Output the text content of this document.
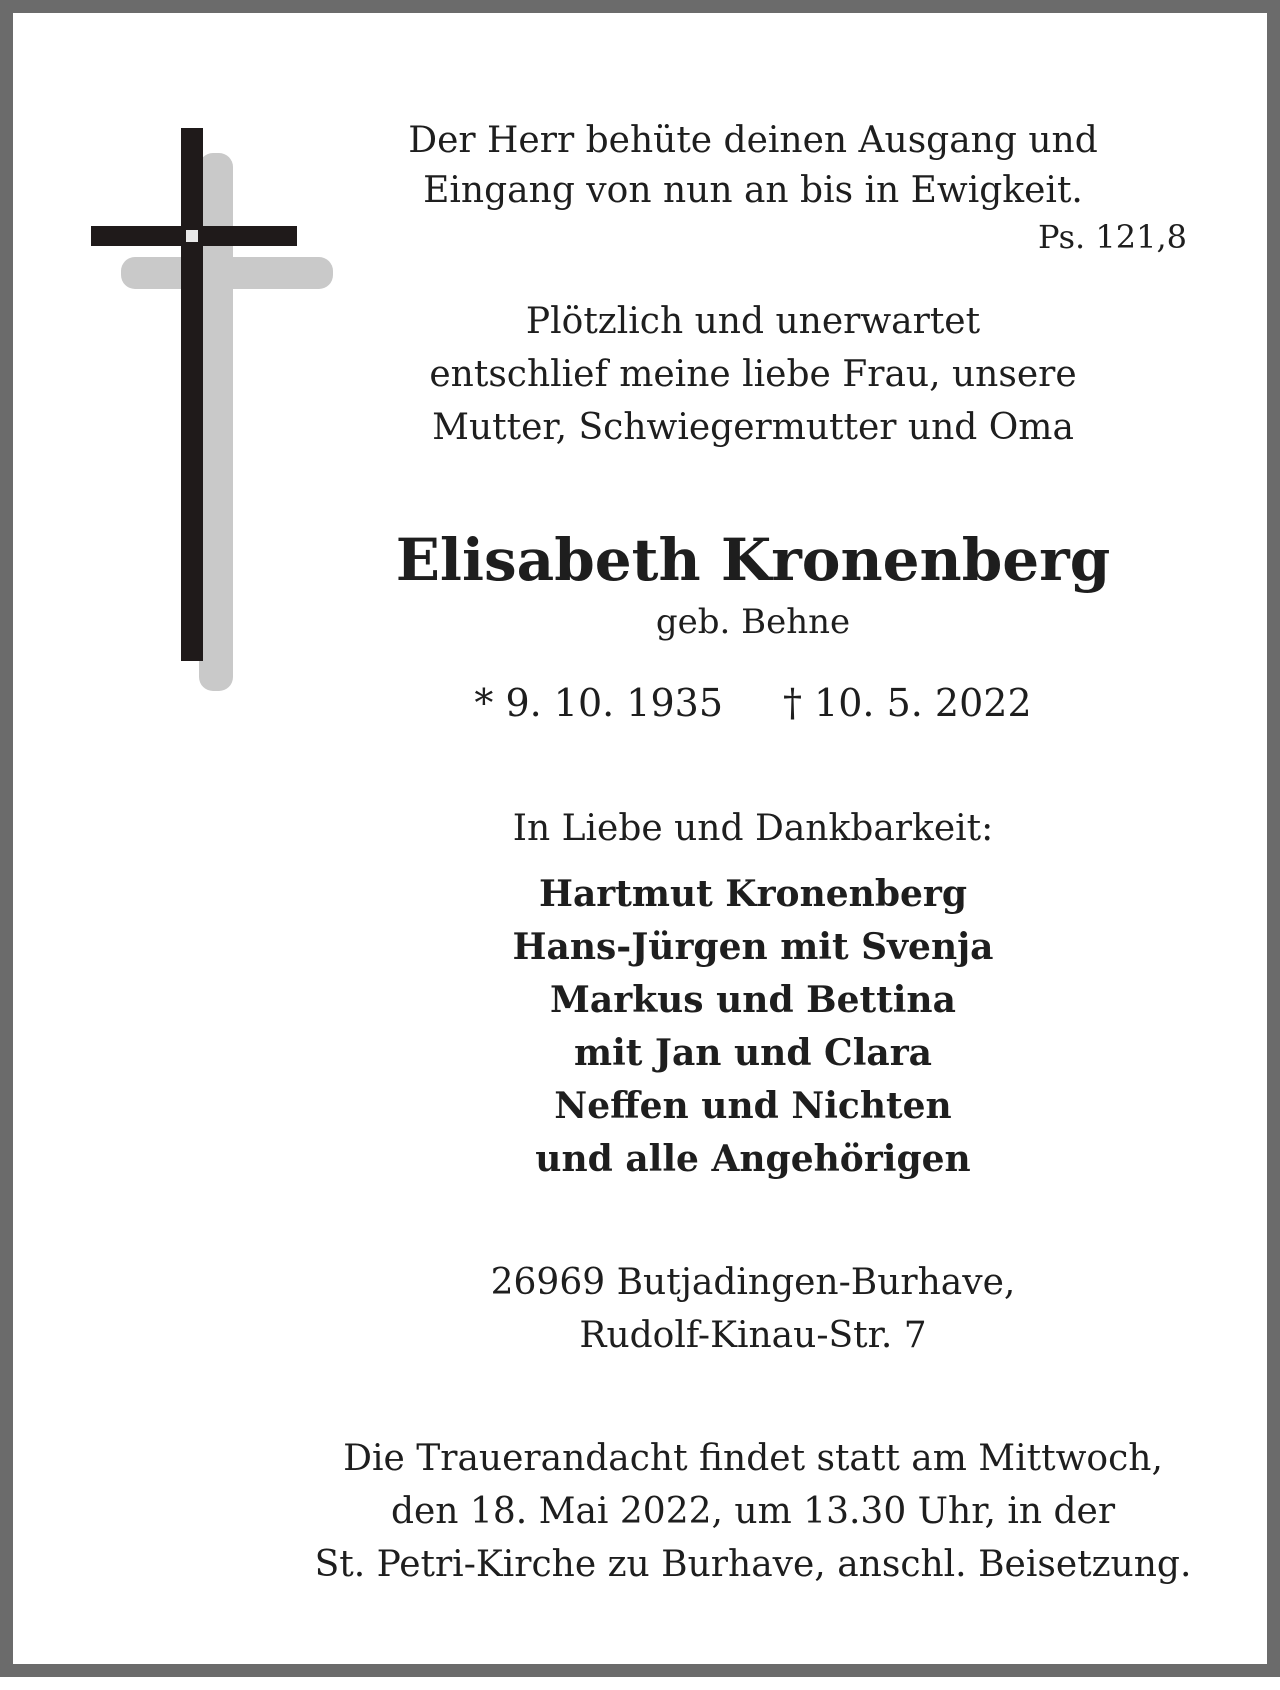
Der Herr behüte deinen Ausgang und
Eingang von nun an bis in Ewigkeit.
Ps. 121,8
Plötzlich und unerwartet
entschlief meine liebe Frau, unsere
Mutter, Schwiegermutter und Oma
Elisabeth Kronenberg
geb. Behne
* 9. 10. 1935 † 10. 5. 2022
In Liebe und Dankbarkeit:
Hartmut Kronenberg
Hans-Jürgen mit Svenja
Markus und Bettina
mit Jan und Clara
Neffen und Nichten
und alle Angehörigen
26969 Butjadingen-Burhave,
Rudolf-Kinau-Str. 7
Die Trauerandacht findet statt am Mittwoch,
den 18. Mai 2022, um 13.30 Uhr, in der
St. Petri-Kirche zu Burhave, anschl. Beisetzung.
